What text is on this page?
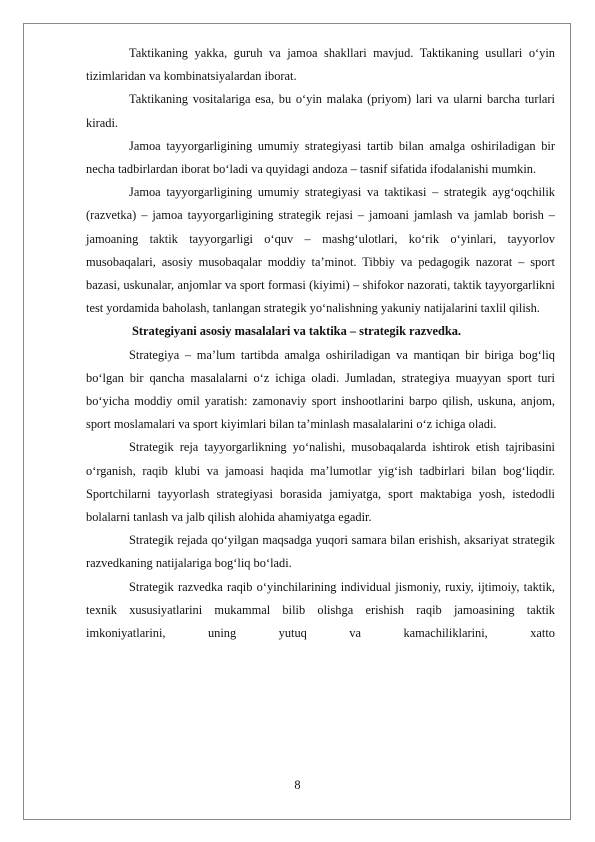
Taktikaning yakka, guruh va jamoa shakllari mavjud. Taktikaning usullari o‘yin tizimlaridan va kombinatsiyalardan iborat.

Taktikaning vositalariga esa, bu o‘yin malaka (priyom) lari va ularni barcha turlari kiradi.

Jamoa tayyorgarligining umumiy strategiyasi tartib bilan amalga oshiriladigan bir necha tadbirlardan iborat bo‘ladi va quyidagi andoza – tasnif sifatida ifodalanishi mumkin.

Jamoa tayyorgarligining umumiy strategiyasi va taktikasi – strategik ayg‘oqchilik (razvetka) – jamoa tayyorgarligining strategik rejasi – jamoani jamlash va jamlab borish – jamoaning taktik tayyorgarligi o‘quv – mashg‘ulotlari, ko‘rik o‘yinlari, tayyorlov musobaqalari, asosiy musobaqalar moddiy ta’minot. Tibbiy va pedagogik nazorat – sport bazasi, uskunalar, anjomlar va sport formasi (kiyimi) – shifokor nazorati, taktik tayyorgarlikni test yordamida baholash, tanlangan strategik yo‘nalishning yakuniy natijalarini taxlil qilish.

Strategiyani asosiy masalalari va taktika – strategik razvedka.

Strategiya – ma’lum tartibda amalga oshiriladigan va mantiqan bir biriga bog‘liq bo‘lgan bir qancha masalalarni o‘z ichiga oladi. Jumladan, strategiya muayyan sport turi bo‘yicha moddiy omil yaratish: zamonaviy sport inshootlarini barpo qilish, uskuna, anjom, sport moslamalari va sport kiyimlari bilan ta’minlash masalalarini o‘z ichiga oladi.

Strategik reja tayyorgarlikning yo‘nalishi, musobaqalarda ishtirok etish tajribasini o‘rganish, raqib klubi va jamoasi haqida ma’lumotlar yig‘ish tadbirlari bilan bog‘liqdir. Sportchilarni tayyorlash strategiyasi borasida jamiyatga, sport maktabiga yosh, istedodli bolalarni tanlash va jalb qilish alohida ahamiyatga egadir.

Strategik rejada qo‘yilgan maqsadga yuqori samara bilan erishish, aksariyat strategik razvedkaning natijalariga bog‘liq bo‘ladi.

Strategik razvedka raqib o‘yinchilarining individual jismoniy, ruxiy, ijtimoiy, taktik, texnik xususiyatlarini mukammal bilib olishga erishish raqib jamoasining taktik imkoniyatlarini, uning yutuq va kamachiliklarini, xatto

8
